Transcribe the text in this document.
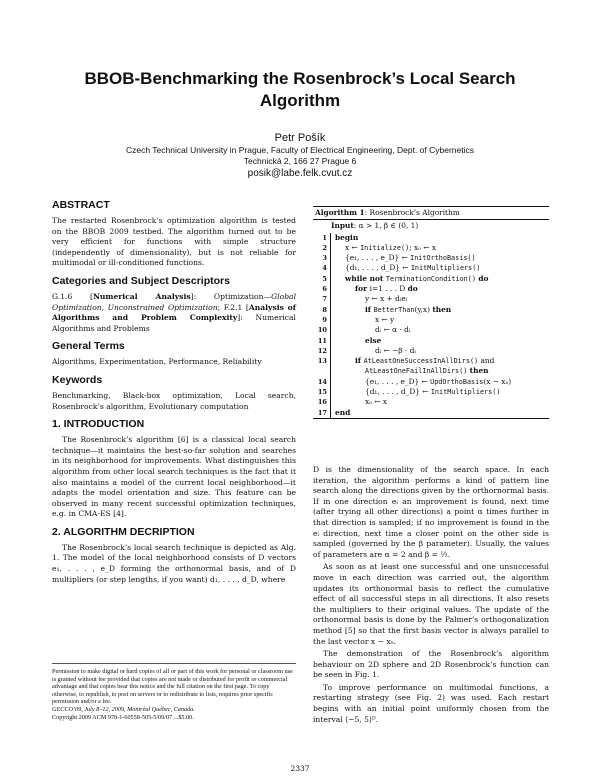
BBOB-Benchmarking the Rosenbrock’s Local Search Algorithm
Petr Pošík
Czech Technical University in Prague, Faculty of Electrical Engineering, Dept. of Cybernetics
Technická 2, 166 27 Prague 6
posik@labe.felk.cvut.cz
ABSTRACT

The restarted Rosenbrock’s optimization algorithm is tested on the BBOB 2009 testbed. The algorithm turned out to be very efficient for functions with simple structure (independently of dimensionality), but is not reliable for multimodal or ill-conditioned functions.

Categories and Subject Descriptors

G.1.6 [Numerical Analysis]: Optimization—Global Optimization, Unconstrained Optimization; F.2.1 [Analysis of Algorithms and Problem Complexity]: Numerical Algorithms and Problems

General Terms

Algorithms, Experimentation, Performance, Reliability

Keywords

Benchmarking, Black-box optimization, Local search, Rosenbrock’s algorithm, Evolutionary computation

1. INTRODUCTION

The Rosenbrock’s algorithm [6] is a classical local search technique—it maintains the best-so-far solution and searches in its neighborhood for improvements. What distinguishes this algorithm from other local search techniques is the fact that it also maintains a model of the current local neighborhood—it adapts the model orientation and size. This feature can be observed in many recent successful optimization techniques, e.g. in CMA-ES [4].

2. ALGORITHM DECRIPTION

The Rosenbrock’s local search technique is depicted as Alg. 1. The model of the local neighborhood consists of D vectors e₁, . . . , e_D forming the orthonormal basis, and of D multipliers (or step lengths, if you want) d₁, . . . , d_D, where

Algorithm 1: Rosenbrock’s Algorithm
Input: α > 1, β ∈ (0, 1)
1	begin
2	x ← Initialize(); xₒ ← x
3	{e₁, . . . , e_D} ← InitOrthoBasis()
4	{d₁, . . . , d_D} ← InitMultipliers()
5	while not TerminationCondition() do
6	for i=1 . . . D do
7	y ← x + dᵢeᵢ
8	if BetterThan(y,x) then
9	x ← y
10	dᵢ ← α · dᵢ
11	else
12	dᵢ ← −β · dᵢ
13	if AtLeastOneSuccessInAllDirs() and
AtLeastOneFailInAllDirs() then
14	{e₁, . . . , e_D} ← UpdOrthoBasis(x − xₒ)
15	{d₁, . . . , d_D} ← InitMultipliers()
16	xₒ ← x
17	end

D is the dimensionality of the search space. In each iteration, the algorithm performs a kind of pattern line search along the directions given by the orthornormal basis. If in one direction eᵢ an improvement is found, next time (after trying all other directions) a point α times further in that direction is sampled; if no improvement is found in the eᵢ direction, next time a closer point on the other side is sampled (governed by the β parameter). Usually, the values of parameters are α = 2 and β = ½.

As soon as at least one successful and one unsuccessful move in each direction was carried out, the algorithm updates its orthonormal basis to reflect the cumulative effect of all successful steps in all directions. It also resets the multipliers to their original values. The update of the orthonormal basis is done by the Palmer’s orthogonalization method [5] so that the first basis vector is always parallel to the last vector x − xₒ.

The demonstration of the Rosenbrock’s algorithm behaviour on 2D sphere and 2D Rosenbrock’s function can be seen in Fig. 1.

To improve performance on multimodal functions, a restarting strategy (see Fig. 2) was used. Each restart begins with an initial point uniformly chosen from the interval ⟨−5, 5⟩ᴰ.

Permission to make digital or hard copies of all or part of this work for personal or classroom use is granted without fee provided that copies are not made or distributed for profit or commercial advantage and that copies bear this notice and the full citation on the first page. To copy otherwise, to republish, to post on servers or to redistribute to lists, requires prior specific permission and/or a fee.
GECCO’09, July 8–12, 2009, Montréal Québec, Canada.
Copyright 2009 ACM 978-1-60558-505-5/09/07 ...$5.00.
2337
